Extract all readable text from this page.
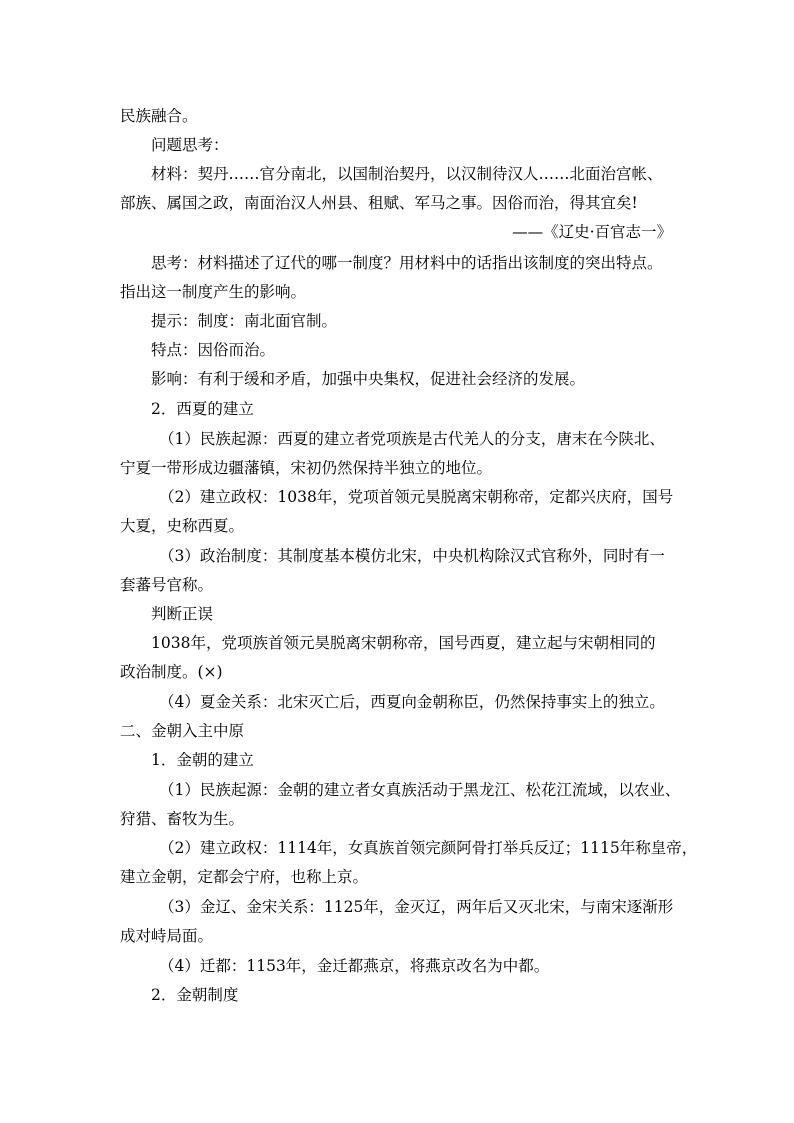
民族融合。
问题思考：
材料：契丹……官分南北，以国制治契丹，以汉制待汉人……北面治宫帐、
部族、属国之政，南面治汉人州县、租赋、军马之事。因俗而治，得其宜矣!
——《辽史·百官志一》
思考：材料描述了辽代的哪一制度？用材料中的话指出该制度的突出特点。
指出这一制度产生的影响。
提示：制度：南北面官制。
特点：因俗而治。
影响：有利于缓和矛盾，加强中央集权，促进社会经济的发展。
2．西夏的建立
（1）民族起源：西夏的建立者党项族是古代羌人的分支，唐末在今陕北、
宁夏一带形成边疆藩镇，宋初仍然保持半独立的地位。
（2）建立政权：1038年，党项首领元昊脱离宋朝称帝，定都兴庆府，国号
大夏，史称西夏。
（3）政治制度：其制度基本模仿北宋，中央机构除汉式官称外，同时有一
套蕃号官称。
判断正误
1038年，党项族首领元昊脱离宋朝称帝，国号西夏，建立起与宋朝相同的
政治制度。(×)
（4）夏金关系：北宋灭亡后，西夏向金朝称臣，仍然保持事实上的独立。
二、金朝入主中原
1．金朝的建立
（1）民族起源：金朝的建立者女真族活动于黑龙江、松花江流域，以农业、
狩猎、畜牧为生。
（2）建立政权：1114年，女真族首领完颜阿骨打举兵反辽；1115年称皇帝，
建立金朝，定都会宁府，也称上京。
（3）金辽、金宋关系：1125年，金灭辽，两年后又灭北宋，与南宋逐渐形
成对峙局面。
（4）迁都：1153年，金迁都燕京，将燕京改名为中都。
2．金朝制度
